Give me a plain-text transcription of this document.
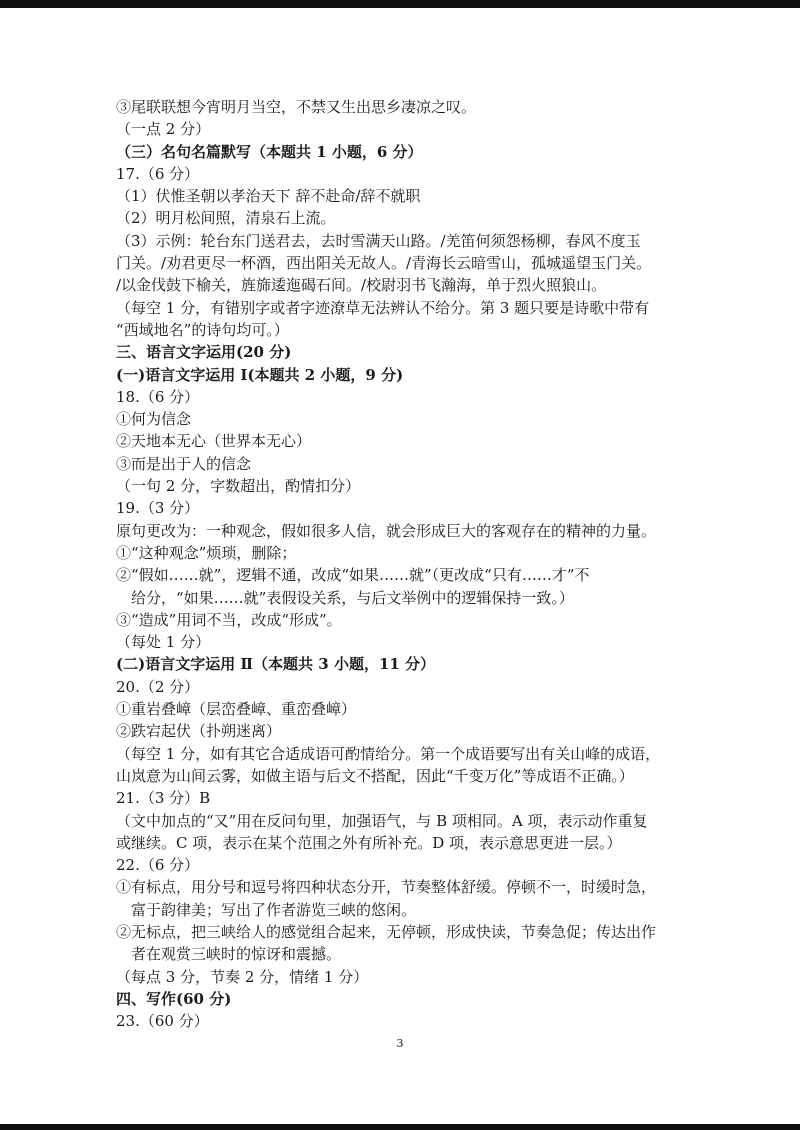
③尾联联想今宵明月当空，不禁又生出思乡凄凉之叹。

（一点 2 分）

（三）名句名篇默写（本题共 1 小题，6 分）

17.（6 分）

（1）伏惟圣朝以孝治天下 辞不赴命/辞不就职

（2）明月松间照，清泉石上流。

（3）示例：轮台东门送君去，去时雪满天山路。/羌笛何须怨杨柳，春风不度玉

门关。/劝君更尽一杯酒，西出阳关无故人。/青海长云暗雪山，孤城遥望玉门关。

/以金伐鼓下榆关，旌旆逶迤碣石间。/校尉羽书飞瀚海，单于烈火照狼山。

（每空 1 分，有错别字或者字迹潦草无法辨认不给分。第 3 题只要是诗歌中带有

“西域地名”的诗句均可。）

三、语言文字运用(20 分)

(一)语言文字运用 Ⅰ(本题共 2 小题，9 分)

18.（6 分）

①何为信念

②天地本无心（世界本无心）

③而是出于人的信念

（一句 2 分，字数超出，酌情扣分）

19.（3 分）

原句更改为：一种观念，假如很多人信，就会形成巨大的客观存在的精神的力量。

①“这种观念”烦琐，删除；

②“假如……就”，逻辑不通，改成“如果……就”（更改成“只有……才”不

给分，“如果……就”表假设关系，与后文举例中的逻辑保持一致。）

③“造成”用词不当，改成“形成”。

（每处 1 分）

(二)语言文字运用 Ⅱ（本题共 3 小题，11 分）

20.（2 分）

①重岩叠嶂（层峦叠嶂、重峦叠嶂）

②跌宕起伏（扑朔迷离）

（每空 1 分，如有其它合适成语可酌情给分。第一个成语要写出有关山峰的成语，

山岚意为山间云雾，如做主语与后文不搭配，因此“千变万化”等成语不正确。）

21.（3 分）B

（文中加点的“又”用在反问句里，加强语气，与 B 项相同。A 项，表示动作重复

或继续。C 项，表示在某个范围之外有所补充。D 项，表示意思更进一层。）

22.（6 分）

①有标点，用分号和逗号将四种状态分开，节奏整体舒缓。停顿不一，时缓时急，

富于韵律美；写出了作者游览三峡的悠闲。

②无标点，把三峡给人的感觉组合起来，无停顿，形成快读，节奏急促；传达出作

者在观赏三峡时的惊讶和震撼。

（每点 3 分，节奏 2 分，情绪 1 分）

四、写作(60 分)

23.（60 分）

3
